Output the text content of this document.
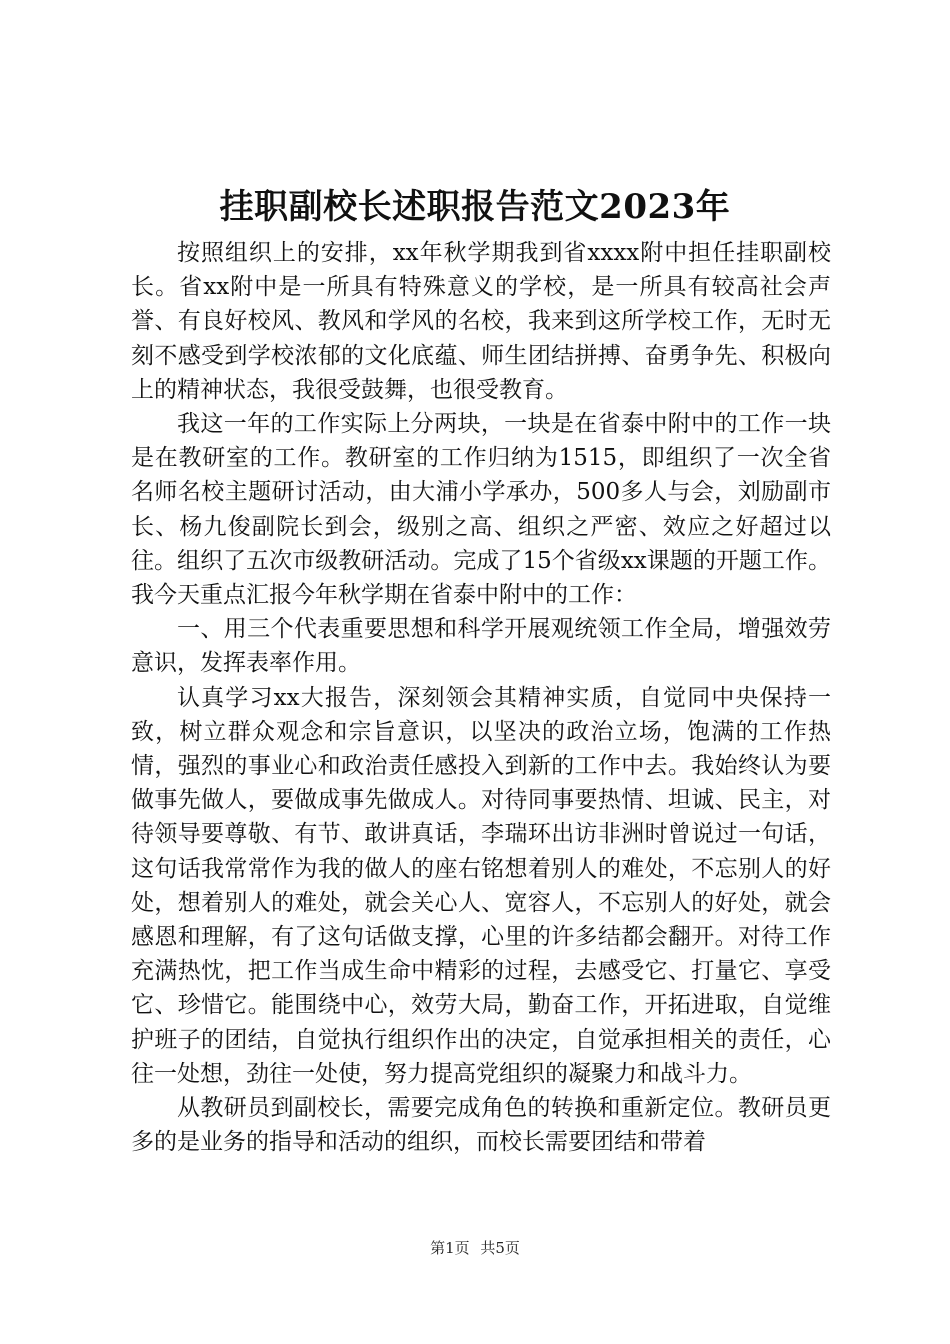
挂职副校长述职报告范文2023年

按照组织上的安排，xx年秋学期我到省xxxx附中担任挂职副校长。省xx附中是一所具有特殊意义的学校，是一所具有较高社会声誉、有良好校风、教风和学风的名校，我来到这所学校工作，无时无刻不感受到学校浓郁的文化底蕴、师生团结拼搏、奋勇争先、积极向上的精神状态，我很受鼓舞，也很受教育。

我这一年的工作实际上分两块，一块是在省泰中附中的工作一块是在教研室的工作。教研室的工作归纳为1515，即组织了一次全省名师名校主题研讨活动，由大浦小学承办，500多人与会，刘励副市长、杨九俊副院长到会，级别之高、组织之严密、效应之好超过以往。组织了五次市级教研活动。完成了15个省级xx课题的开题工作。我今天重点汇报今年秋学期在省泰中附中的工作：

一、用三个代表重要思想和科学开展观统领工作全局，增强效劳意识，发挥表率作用。

认真学习xx大报告，深刻领会其精神实质，自觉同中央保持一致，树立群众观念和宗旨意识，以坚决的政治立场，饱满的工作热情，强烈的事业心和政治责任感投入到新的工作中去。我始终认为要做事先做人，要做成事先做成人。对待同事要热情、坦诚、民主，对待领导要尊敬、有节、敢讲真话，李瑞环出访非洲时曾说过一句话，这句话我常常作为我的做人的座右铭想着别人的难处，不忘别人的好处，想着别人的难处，就会关心人、宽容人，不忘别人的好处，就会感恩和理解，有了这句话做支撑，心里的许多结都会翻开。对待工作充满热忱，把工作当成生命中精彩的过程，去感受它、打量它、享受它、珍惜它。能围绕中心，效劳大局，勤奋工作，开拓进取，自觉维护班子的团结，自觉执行组织作出的决定，自觉承担相关的责任，心往一处想，劲往一处使，努力提高党组织的凝聚力和战斗力。

从教研员到副校长，需要完成角色的转换和重新定位。教研员更多的是业务的指导和活动的组织，而校长需要团结和带着

第1页 共5页
